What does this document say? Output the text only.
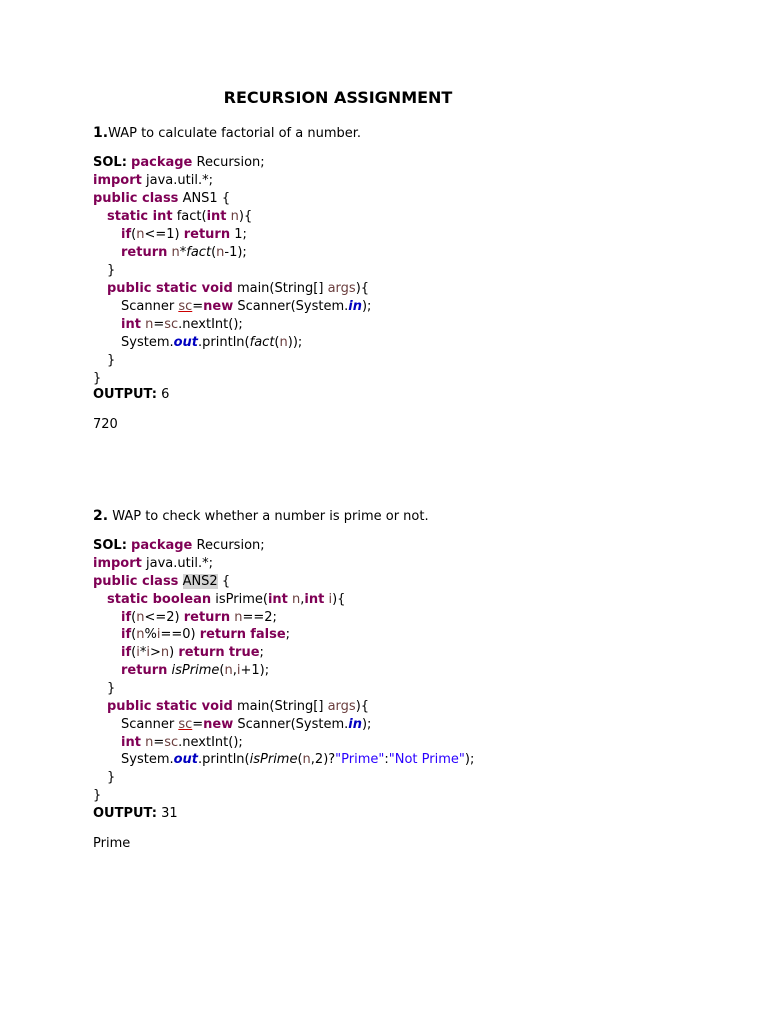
RECURSION ASSIGNMENT
1.WAP to calculate factorial of a number.
SOL: package Recursion;
import java.util.*;
public class ANS1 {
static int fact(int n){
if(n<=1) return 1;
return n*fact(n-1);
}
public static void main(String[] args){
Scanner sc=new Scanner(System.in);
int n=sc.nextInt();
System.out.println(fact(n));
}
}
OUTPUT: 6
720
2. WAP to check whether a number is prime or not.
SOL: package Recursion;
import java.util.*;
public class ANS2 {
static boolean isPrime(int n,int i){
if(n<=2) return n==2;
if(n%i==0) return false;
if(i*i>n) return true;
return isPrime(n,i+1);
}
public static void main(String[] args){
Scanner sc=new Scanner(System.in);
int n=sc.nextInt();
System.out.println(isPrime(n,2)?"Prime":"Not Prime");
}
}
OUTPUT: 31
Prime
